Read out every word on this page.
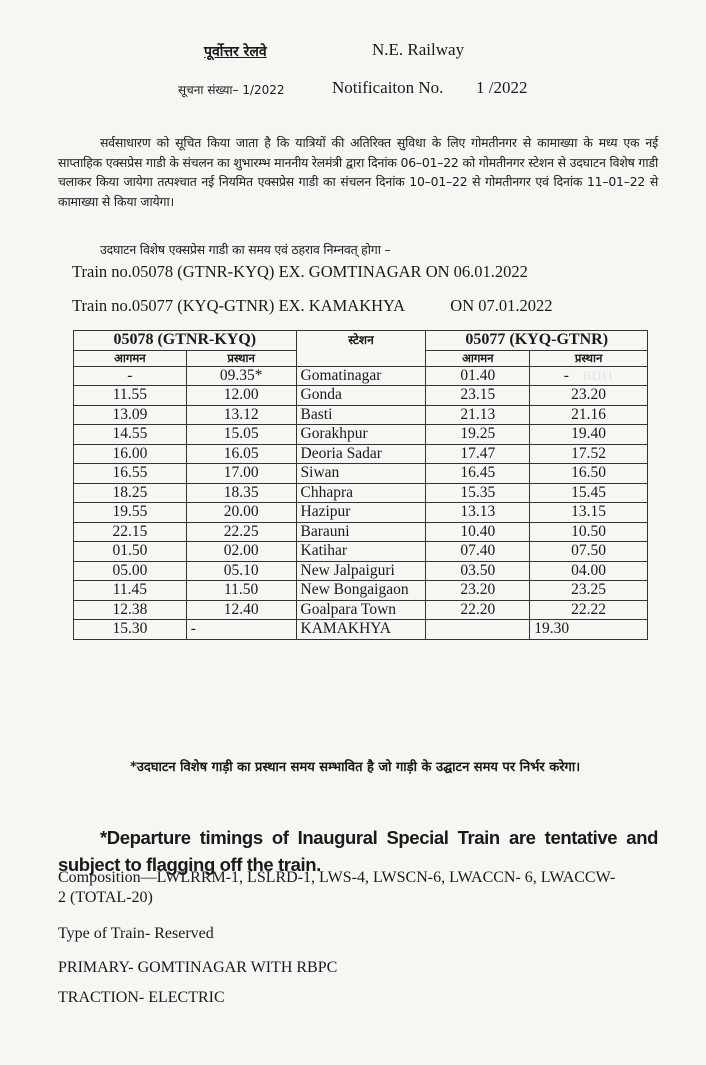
पूर्वोत्तर रेलवे	N.E. Railway
सूचना संख्या– 1/2022	Notificaiton No. 1 /2022

सर्वसाधारण को सूचित किया जाता है कि यात्रियों की अतिरिक्त सुविधा के लिए गोमतीनगर से कामाख्या के मध्य एक नई साप्ताहिक एक्सप्रेस गाडी के संचलन का शुभारम्भ माननीय रेलमंत्री द्वारा दिनांक 06–01–22 को गोमतीनगर स्टेशन से उदघाटन विशेष गाडी चलाकर किया जायेगा तत्पश्चात नई नियमित एक्सप्रेस गाडी का संचलन दिनांक 10–01–22 से गोमतीनगर एवं दिनांक 11–01–22 से कामाख्या से किया जायेगा।

उदघाटन विशेष एक्सप्रेस गाडी का समय एवं ठहराव निम्नवत् होगा –

Train no.05078 (GTNR-KYQ) EX. GOMTINAGAR ON 06.01.2022
Train no.05077 (KYQ-GTNR) EX. KAMAKHYA	ON 07.01.2022
05078 (GTNR-KYQ)		स्टेशन	05077 (KYQ-GTNR)	
आगमन	प्रस्थान		आगमन	प्रस्थान
-	09.35*	Gomatinagar	01.40	- BD11
11.55	12.00	Gonda	23.15	23.20
13.09	13.12	Basti	21.13	21.16
14.55	15.05	Gorakhpur	19.25	19.40
16.00	16.05	Deoria Sadar	17.47	17.52
16.55	17.00	Siwan	16.45	16.50
18.25	18.35	Chhapra	15.35	15.45
19.55	20.00	Hazipur	13.13	13.15
22.15	22.25	Barauni	10.40	10.50
01.50	02.00	Katihar	07.40	07.50
05.00	05.10	New Jalpaiguri	03.50	04.00
11.45	11.50	New Bongaigaon	23.20	23.25
12.38	12.40	Goalpara Town	22.20	22.22
15.30	-	KAMAKHYA		19.30

*उदघाटन विशेष गाड़ी का प्रस्थान समय सम्भावित है जो गाड़ी के उद्घाटन समय पर निर्भर करेगा।

*Departure timings of Inaugural Special Train are tentative and subject to flagging off the train.

Composition—LWLRRM-1, LSLRD-1, LWS-4, LWSCN-6, LWACCN- 6, LWACCW-2 (TOTAL-20)
Type of Train- Reserved
PRIMARY- GOMTINAGAR WITH RBPC
TRACTION- ELECTRIC
